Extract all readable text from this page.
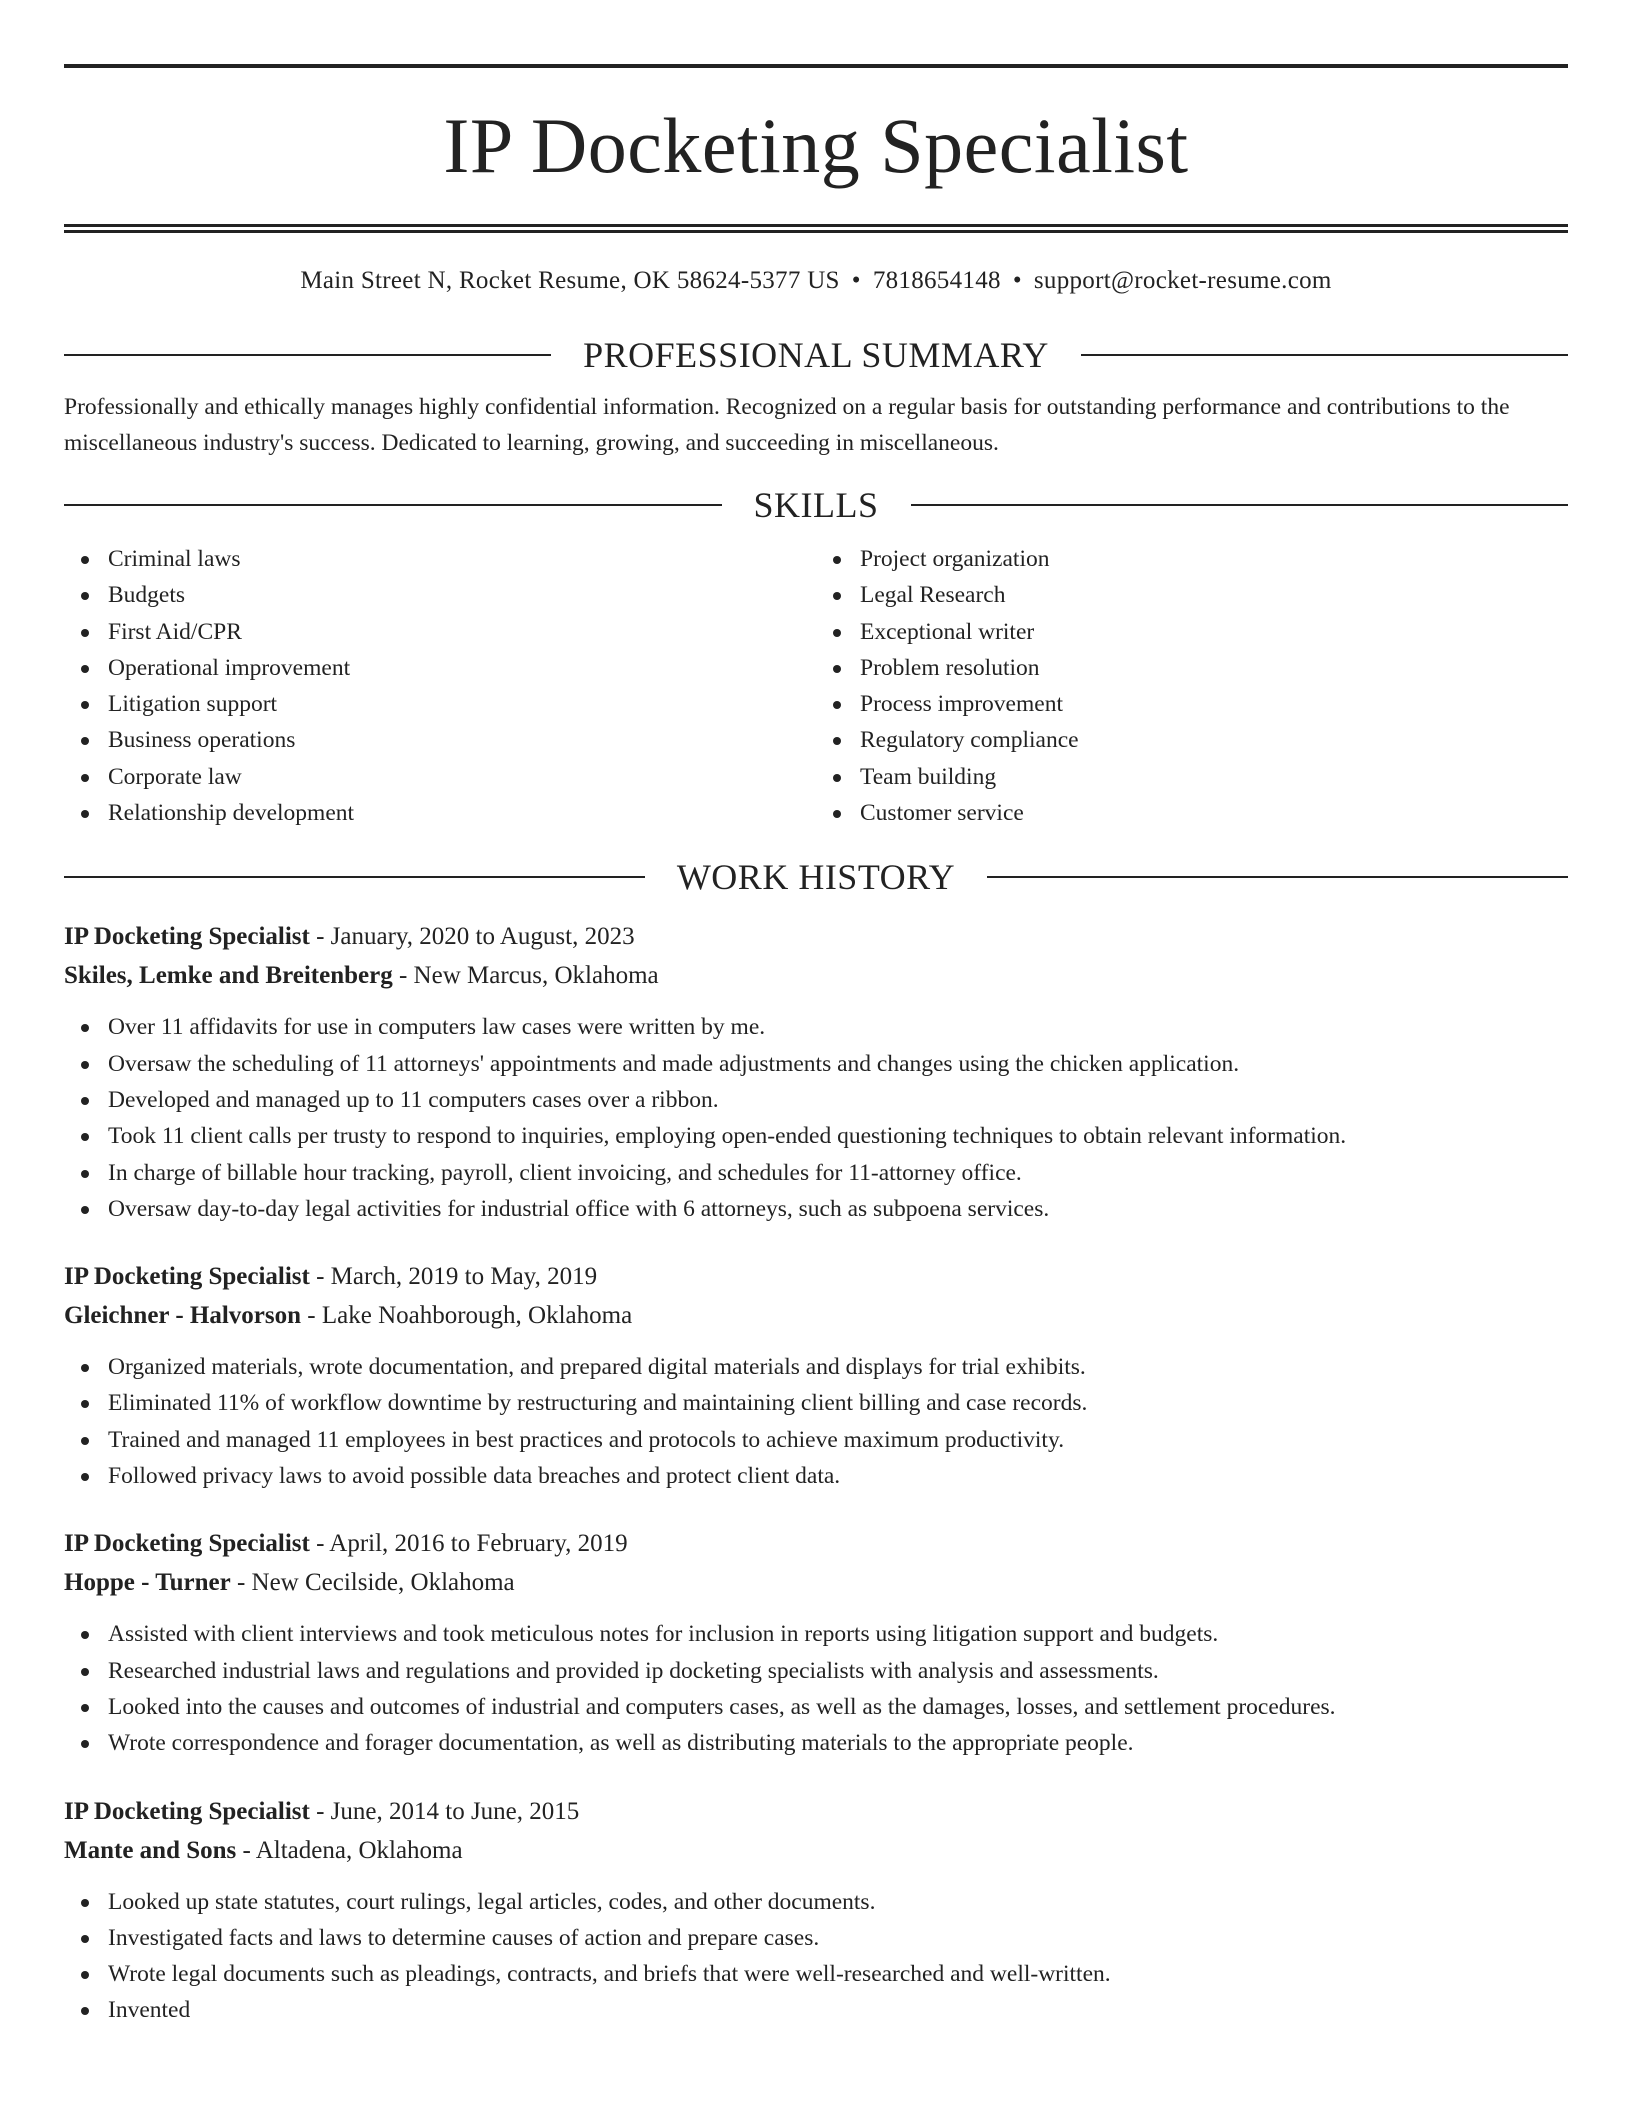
IP Docketing Specialist
Main Street N, Rocket Resume, OK 58624-5377 US • 7818654148 • support@rocket-resume.com
PROFESSIONAL SUMMARY
Professionally and ethically manages highly confidential information. Recognized on a regular basis for outstanding performance and contributions to the miscellaneous industry's success. Dedicated to learning, growing, and succeeding in miscellaneous.
SKILLS
Criminal laws
Budgets
First Aid/CPR
Operational improvement
Litigation support
Business operations
Corporate law
Relationship development
Project organization
Legal Research
Exceptional writer
Problem resolution
Process improvement
Regulatory compliance
Team building
Customer service
WORK HISTORY
IP Docketing Specialist - January, 2020 to August, 2023
Skiles, Lemke and Breitenberg - New Marcus, Oklahoma
Over 11 affidavits for use in computers law cases were written by me.
Oversaw the scheduling of 11 attorneys' appointments and made adjustments and changes using the chicken application.
Developed and managed up to 11 computers cases over a ribbon.
Took 11 client calls per trusty to respond to inquiries, employing open-ended questioning techniques to obtain relevant information.
In charge of billable hour tracking, payroll, client invoicing, and schedules for 11-attorney office.
Oversaw day-to-day legal activities for industrial office with 6 attorneys, such as subpoena services.
IP Docketing Specialist - March, 2019 to May, 2019
Gleichner - Halvorson - Lake Noahborough, Oklahoma
Organized materials, wrote documentation, and prepared digital materials and displays for trial exhibits.
Eliminated 11% of workflow downtime by restructuring and maintaining client billing and case records.
Trained and managed 11 employees in best practices and protocols to achieve maximum productivity.
Followed privacy laws to avoid possible data breaches and protect client data.
IP Docketing Specialist - April, 2016 to February, 2019
Hoppe - Turner - New Cecilside, Oklahoma
Assisted with client interviews and took meticulous notes for inclusion in reports using litigation support and budgets.
Researched industrial laws and regulations and provided ip docketing specialists with analysis and assessments.
Looked into the causes and outcomes of industrial and computers cases, as well as the damages, losses, and settlement procedures.
Wrote correspondence and forager documentation, as well as distributing materials to the appropriate people.
IP Docketing Specialist - June, 2014 to June, 2015
Mante and Sons - Altadena, Oklahoma
Looked up state statutes, court rulings, legal articles, codes, and other documents.
Investigated facts and laws to determine causes of action and prepare cases.
Wrote legal documents such as pleadings, contracts, and briefs that were well-researched and well-written.
Invented
